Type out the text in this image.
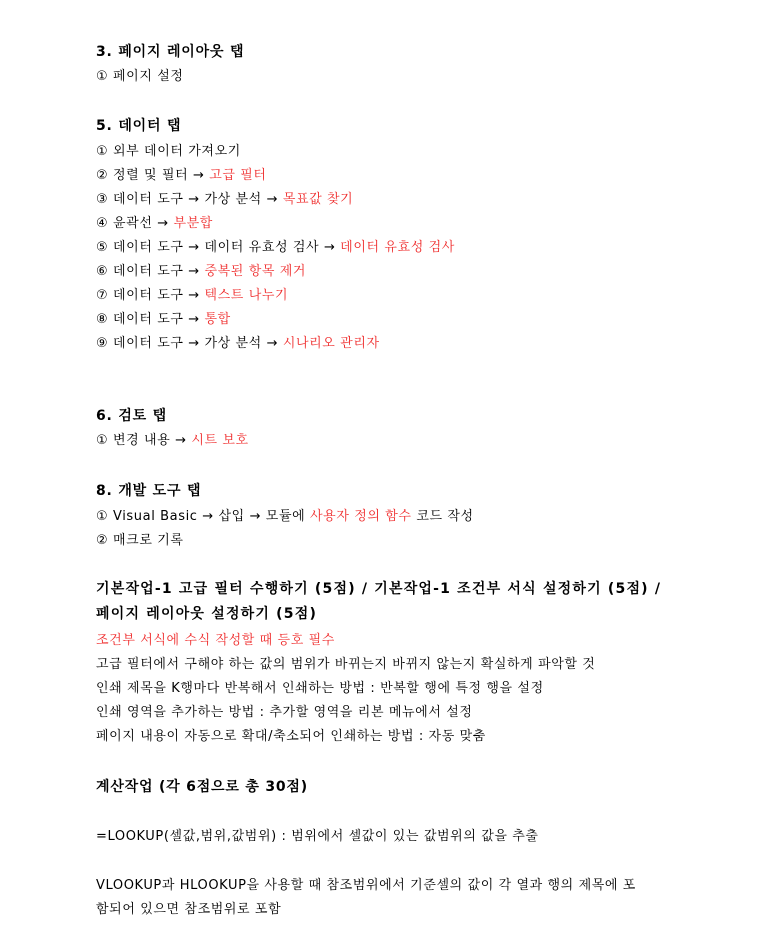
3. 페이지 레이아웃 탭
① 페이지 설정
5. 데이터 탭
① 외부 데이터 가져오기
② 정렬 및 필터 → 고급 필터
③ 데이터 도구 → 가상 분석 → 목표값 찾기
④ 윤곽선 → 부분합
⑤ 데이터 도구 → 데이터 유효성 검사 → 데이터 유효성 검사
⑥ 데이터 도구 → 중복된 항목 제거
⑦ 데이터 도구 → 텍스트 나누기
⑧ 데이터 도구 → 통합
⑨ 데이터 도구 → 가상 분석 → 시나리오 관리자
6. 검토 탭
① 변경 내용 → 시트 보호
8. 개발 도구 탭
① Visual Basic → 삽입 → 모듈에 사용자 정의 함수 코드 작성
② 매크로 기록
기본작업-1 고급 필터 수행하기 (5점) / 기본작업-1 조건부 서식 설정하기 (5점) /
페이지 레이아웃 설정하기 (5점)
조건부 서식에 수식 작성할 때 등호 필수
고급 필터에서 구해야 하는 값의 범위가 바뀌는지 바뀌지 않는지 확실하게 파악할 것
인쇄 제목을 K행마다 반복해서 인쇄하는 방법 : 반복할 행에 특정 행을 설정
인쇄 영역을 추가하는 방법 : 추가할 영역을 리본 메뉴에서 설정
페이지 내용이 자동으로 확대/축소되어 인쇄하는 방법 : 자동 맞춤
계산작업 (각 6점으로 총 30점)
=LOOKUP(셀값,범위,값범위) : 범위에서 셀값이 있는 값범위의 값을 추출
VLOOKUP과 HLOOKUP을 사용할 때 참조범위에서 기준셀의 값이 각 열과 행의 제목에 포
함되어 있으면 참조범위로 포함
